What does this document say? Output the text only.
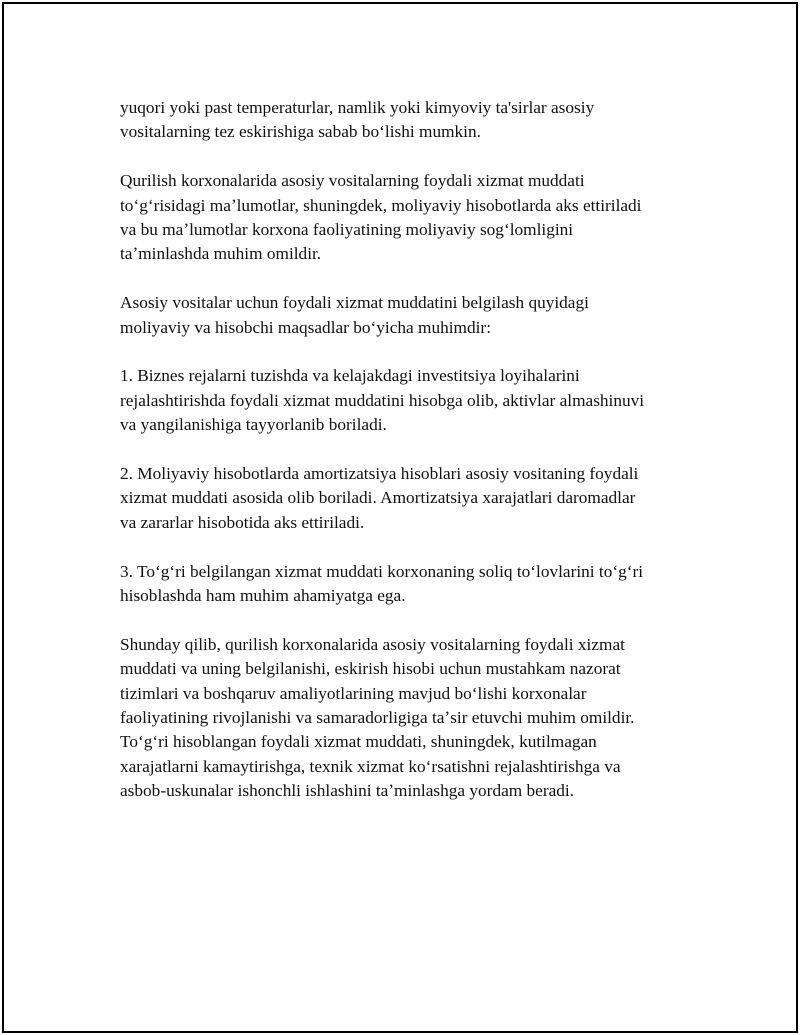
yuqori yoki past temperaturlar, namlik yoki kimyoviy ta'sirlar asosiy
vositalarning tez eskirishiga sabab boʻlishi mumkin.

Qurilish korxonalarida asosiy vositalarning foydali xizmat muddati
toʻgʻrisidagi maʼlumotlar, shuningdek, moliyaviy hisobotlarda aks ettiriladi
va bu maʼlumotlar korxona faoliyatining moliyaviy sogʻlomligini
taʼminlashda muhim omildir.

Asosiy vositalar uchun foydali xizmat muddatini belgilash quyidagi
moliyaviy va hisobchi maqsadlar boʻyicha muhimdir:

1. Biznes rejalarni tuzishda va kelajakdagi investitsiya loyihalarini
rejalashtirishda foydali xizmat muddatini hisobga olib, aktivlar almashinuvi
va yangilanishiga tayyorlanib boriladi.

2. Moliyaviy hisobotlarda amortizatsiya hisoblari asosiy vositaning foydali
xizmat muddati asosida olib boriladi. Amortizatsiya xarajatlari daromadlar
va zararlar hisobotida aks ettiriladi.

3. Toʻgʻri belgilangan xizmat muddati korxonaning soliq toʻlovlarini toʻgʻri
hisoblashda ham muhim ahamiyatga ega.

Shunday qilib, qurilish korxonalarida asosiy vositalarning foydali xizmat
muddati va uning belgilanishi, eskirish hisobi uchun mustahkam nazorat
tizimlari va boshqaruv amaliyotlarining mavjud boʻlishi korxonalar
faoliyatining rivojlanishi va samaradorligiga taʼsir etuvchi muhim omildir.
Toʻgʻri hisoblangan foydali xizmat muddati, shuningdek, kutilmagan
xarajatlarni kamaytirishga, texnik xizmat koʻrsatishni rejalashtirishga va
asbob-uskunalar ishonchli ishlashini taʼminlashga yordam beradi.
